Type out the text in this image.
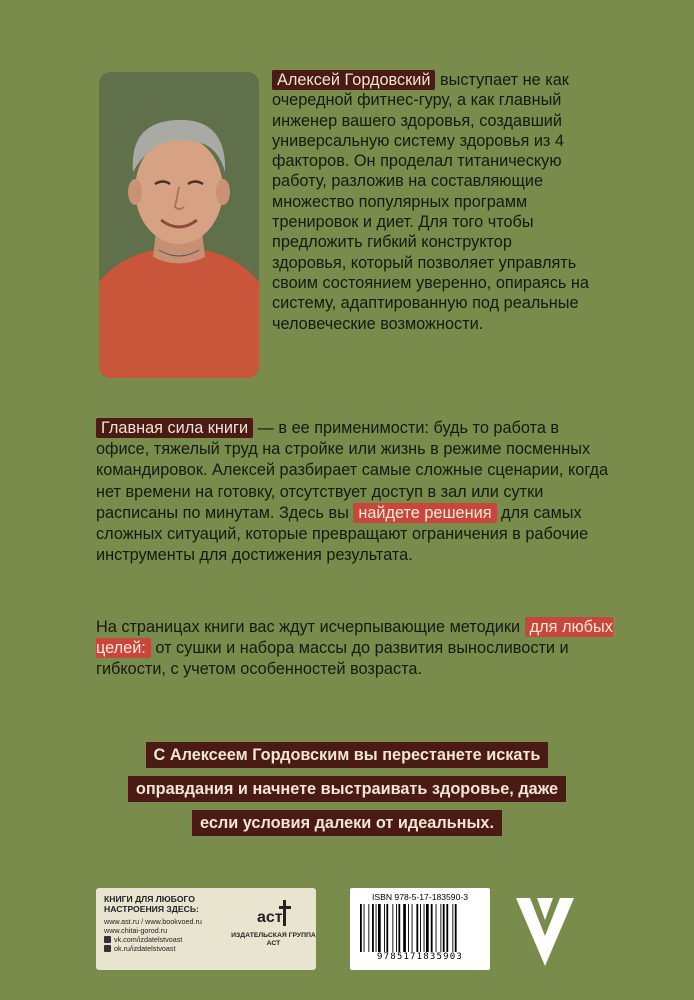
Алексей Гордовский выступает не как очередной фитнес-гуру, а как главный инженер вашего здоровья, создавший универсальную систему здоровья из 4 факторов. Он проделал титаническую работу, разложив на составляющие множество популярных программ тренировок и диет. Для того чтобы предложить гибкий конструктор здоровья, который позволяет управлять своим состоянием уверенно, опираясь на систему, адаптированную под реальные человеческие возможности.

Главная сила книги — в ее применимости: будь то работа в офисе, тяжелый труд на стройке или жизнь в режиме посменных командировок. Алексей разбирает самые сложные сценарии, когда нет времени на готовку, отсутствует доступ в зал или сутки расписаны по минутам. Здесь вы найдете решения для самых сложных ситуаций, которые превращают ограничения в рабочие инструменты для достижения результата.

На страницах книги вас ждут исчерпывающие методики для любых целей: от сушки и набора массы до развития выносливости и гибкости, с учетом особенностей возраста.

С Алексеем Гордовским вы перестанете искать
оправдания и начнете выстраивать здоровье, даже
если условия далеки от идеальных.
КНИГИ ДЛЯ ЛЮБОГО НАСТРОЕНИЯ ЗДЕСЬ:
www.ast.ru / www.bookvoed.ru
www.chitai-gorod.ru
vk.com/izdatelstvoast
ok.ru/izdatelstvoast
аст
ИЗДАТЕЛЬСКАЯ ГРУППА АСТ
ISBN 978-5-17-183590-3
9785171835903
